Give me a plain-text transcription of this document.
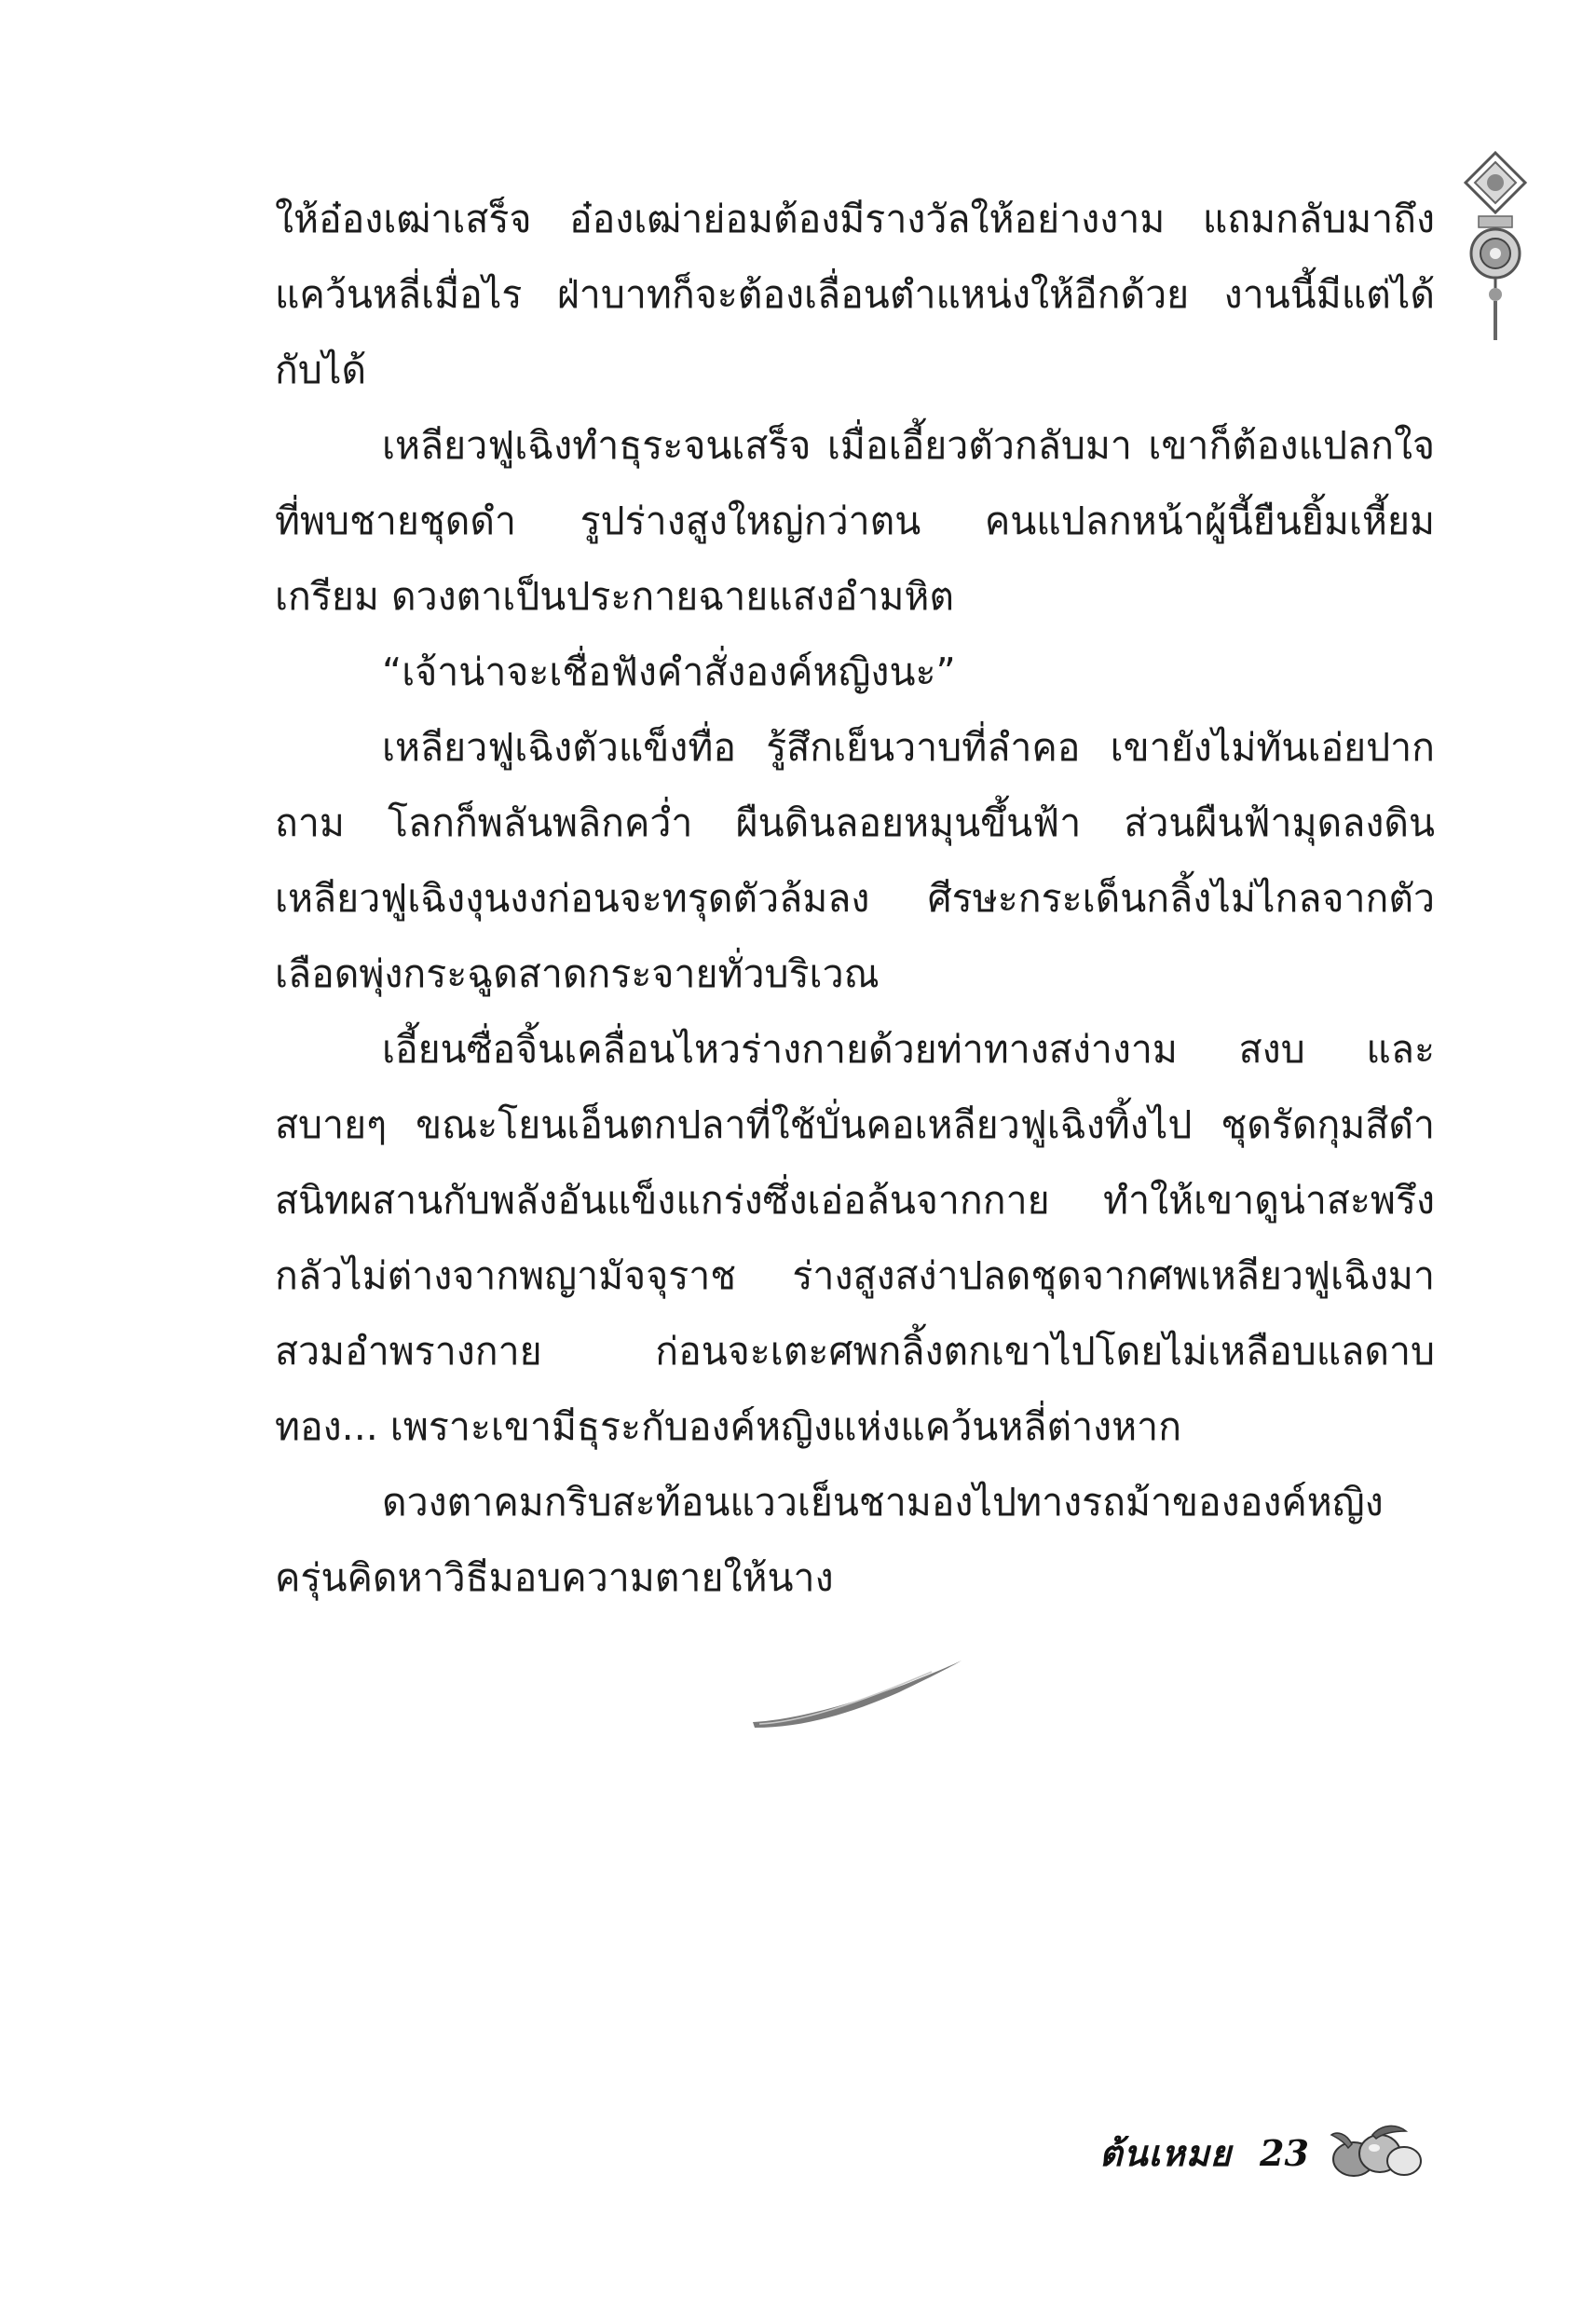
ให้อ๋องเฒ่าเสร็จ อ๋องเฒ่าย่อมต้องมีรางวัลให้อย่างงาม แถมกลับมาถึงแคว้นหลี่เมื่อไร ฝ่าบาทก็จะต้องเลื่อนตำแหน่งให้อีกด้วย งานนี้มีแต่ได้กับได้

เหลียวฟูเฉิงทำธุระจนเสร็จ เมื่อเอี้ยวตัวกลับมา เขาก็ต้องแปลกใจที่พบชายชุดดำ รูปร่างสูงใหญ่กว่าตน คนแปลกหน้าผู้นี้ยืนยิ้มเหี้ยมเกรียม ดวงตาเป็นประกายฉายแสงอำมหิต

“เจ้าน่าจะเชื่อฟังคำสั่งองค์หญิงนะ”

เหลียวฟูเฉิงตัวแข็งทื่อ รู้สึกเย็นวาบที่ลำคอ เขายังไม่ทันเอ่ยปากถาม โลกก็พลันพลิกคว่ำ ผืนดินลอยหมุนขึ้นฟ้า ส่วนผืนฟ้ามุดลงดิน เหลียวฟูเฉิงงุนงงก่อนจะทรุดตัวล้มลง ศีรษะกระเด็นกลิ้งไม่ไกลจากตัว เลือดพุ่งกระฉูดสาดกระจายทั่วบริเวณ

เอี้ยนซื่อจิ้นเคลื่อนไหวร่างกายด้วยท่าทางสง่างาม สงบ และสบายๆ ขณะโยนเอ็นตกปลาที่ใช้บั่นคอเหลียวฟูเฉิงทิ้งไป ชุดรัดกุมสีดำสนิทผสานกับพลังอันแข็งแกร่งซึ่งเอ่อล้นจากกาย ทำให้เขาดูน่าสะพรึงกลัวไม่ต่างจากพญามัจจุราช ร่างสูงสง่าปลดชุดจากศพเหลียวฟูเฉิงมาสวมอำพรางกาย ก่อนจะเตะศพกลิ้งตกเขาไปโดยไม่เหลือบแลดาบทอง... เพราะเขามีธุระกับองค์หญิงแห่งแคว้นหลี่ต่างหาก

ดวงตาคมกริบสะท้อนแววเย็นชามองไปทางรถม้าขององค์หญิงครุ่นคิดหาวิธีมอบความตายให้นาง

ต้นเหมย 23
